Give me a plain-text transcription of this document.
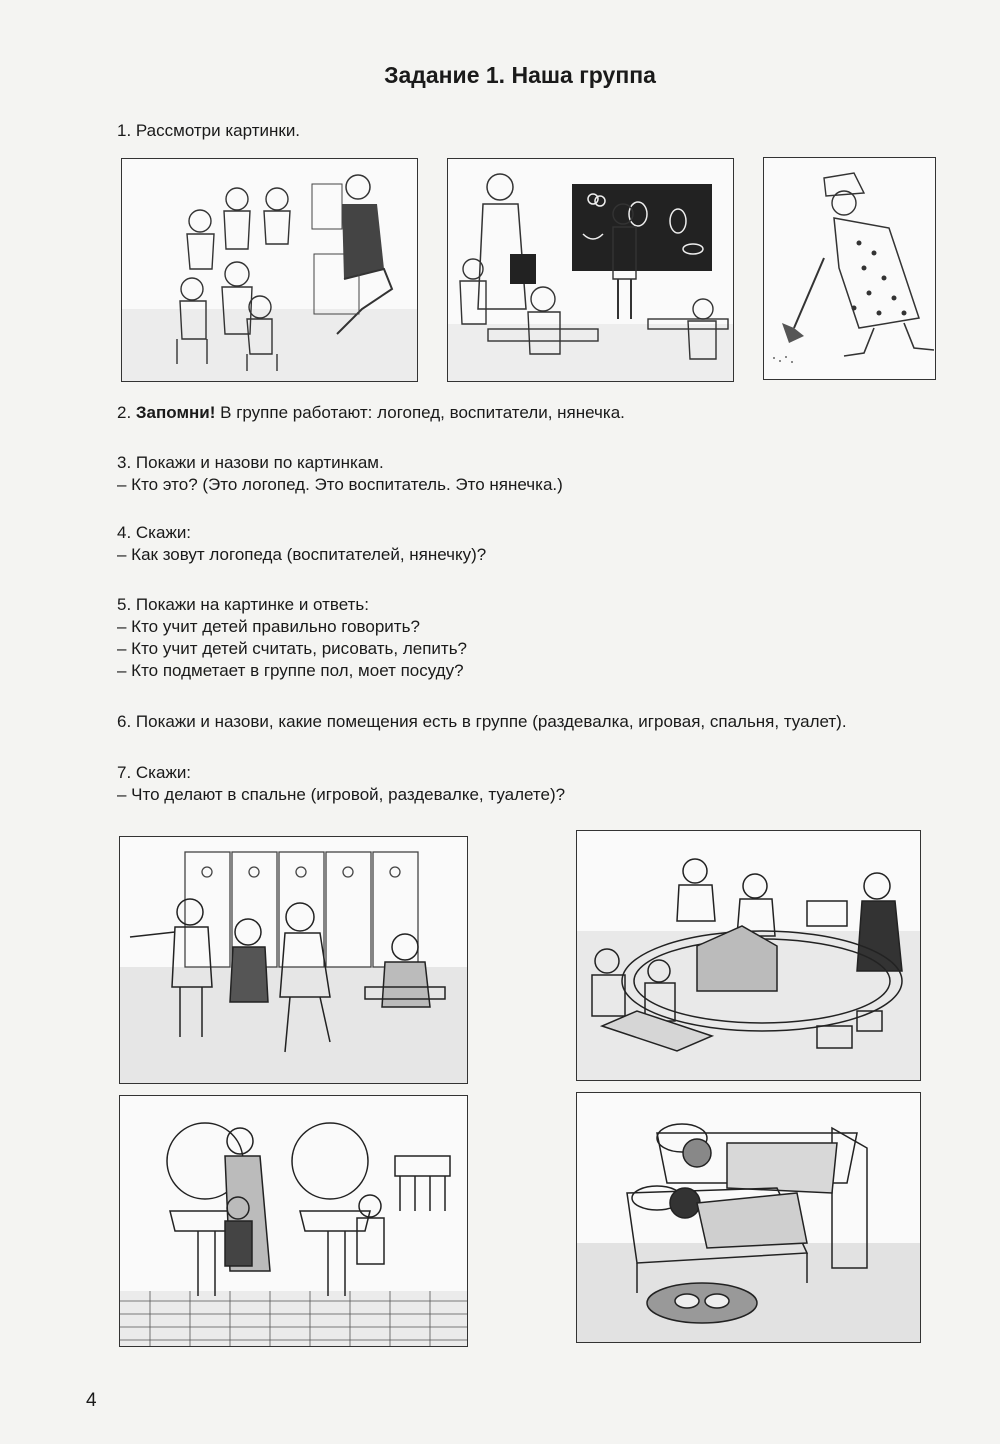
Задание 1. Наша группа
1. Рассмотри картинки.
2. Запомни! В группе работают: логопед, воспитатели, нянечка.
3. Покажи и назови по картинкам.
– Кто это? (Это логопед. Это воспитатель. Это нянечка.)
4. Скажи:
– Как зовут логопеда (воспитателей, нянечку)?
5. Покажи на картинке и ответь:
– Кто учит детей правильно говорить?
– Кто учит детей считать, рисовать, лепить?
– Кто подметает в группе пол, моет посуду?
6. Покажи и назови, какие помещения есть в группе (раздевалка, игровая, спальня, туалет).
7. Скажи:
– Что делают в спальне (игровой, раздевалке, туалете)?
4
